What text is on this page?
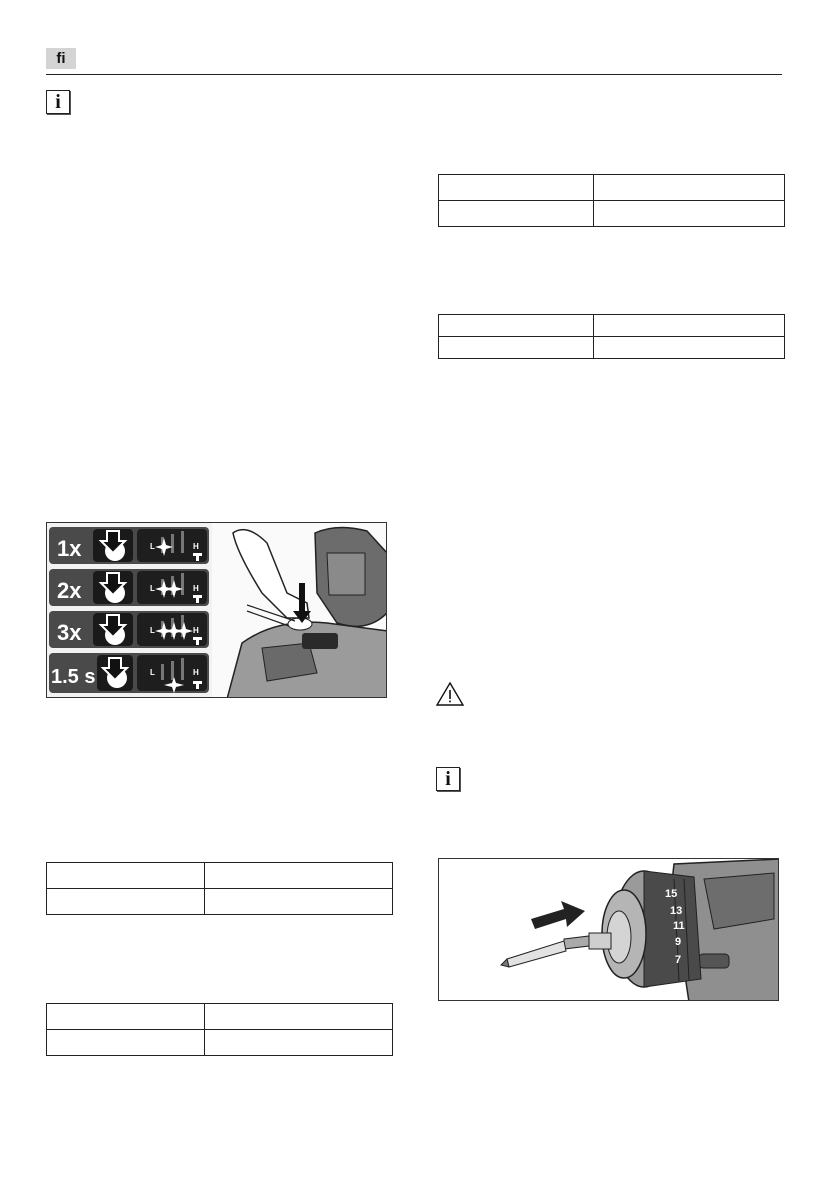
fi
i

1x
2x
3x
1.5 s
L	H
L	H
L	H
L	H
i

15
13
11
9
7
